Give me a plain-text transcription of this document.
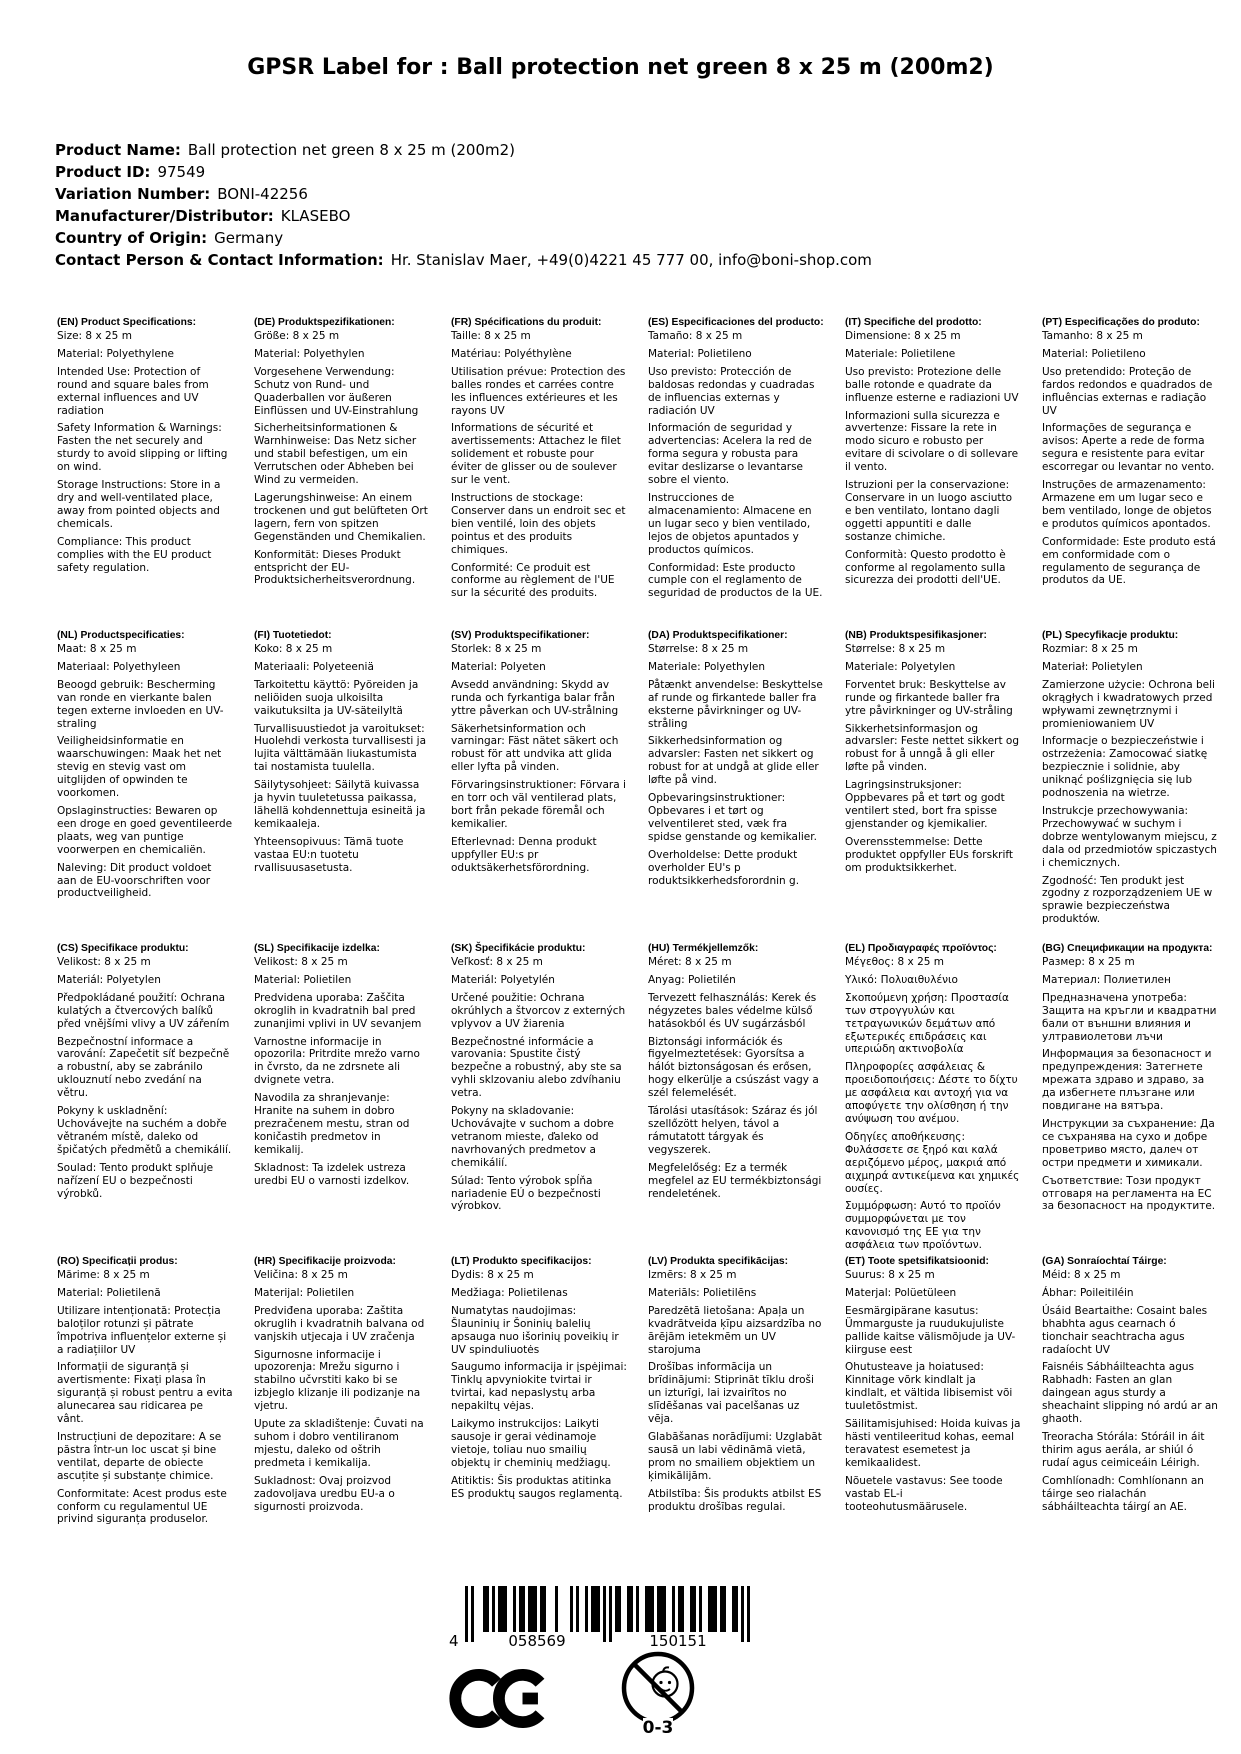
GPSR Label for : Ball protection net green 8 x 25 m (200m2)
Product Name: Ball protection net green 8 x 25 m (200m2)
Product ID: 97549
Variation Number: BONI-42256
Manufacturer/Distributor: KLASEBO
Country of Origin: Germany
Contact Person & Contact Information: Hr. Stanislav Maer, +49(0)4221 45 777 00, info@boni-shop.com
(EN) Product Specifications:

Size: 8 x 25 m

Material: Polyethylene

Intended Use: Protection of round and square bales from external influences and UV radiation

Safety Information & Warnings: Fasten the net securely and sturdy to avoid slipping or lifting on wind.

Storage Instructions: Store in a dry and well-ventilated place, away from pointed objects and chemicals.

Compliance: This product complies with the EU product safety regulation.

(DE) Produktspezifikationen:

Größe: 8 x 25 m

Material: Polyethylen

Vorgesehene Verwendung: Schutz von Rund- und Quaderballen vor äußeren Einflüssen und UV-Einstrahlung

Sicherheitsinformationen & Warnhinweise: Das Netz sicher und stabil befestigen, um ein Verrutschen oder Abheben bei Wind zu vermeiden.

Lagerungshinweise: An einem trockenen und gut belüfteten Ort lagern, fern von spitzen Gegenständen und Chemikalien.

Konformität: Dieses Produkt entspricht der EU-Produktsicherheitsverordnung.

(FR) Spécifications du produit:

Taille: 8 x 25 m

Matériau: Polyéthylène

Utilisation prévue: Protection des balles rondes et carrées contre les influences extérieures et les rayons UV

Informations de sécurité et avertissements: Attachez le filet solidement et robuste pour éviter de glisser ou de soulever sur le vent.

Instructions de stockage: Conserver dans un endroit sec et bien ventilé, loin des objets pointus et des produits chimiques.

Conformité: Ce produit est conforme au règlement de l'UE sur la sécurité des produits.

(ES) Especificaciones del producto:

Tamaño: 8 x 25 m

Material: Polietileno

Uso previsto: Protección de baldosas redondas y cuadradas de influencias externas y radiación UV

Información de seguridad y advertencias: Acelera la red de forma segura y robusta para evitar deslizarse o levantarse sobre el viento.

Instrucciones de almacenamiento: Almacene en un lugar seco y bien ventilado, lejos de objetos apuntados y productos químicos.

Conformidad: Este producto cumple con el reglamento de seguridad de productos de la UE.

(IT) Specifiche del prodotto:

Dimensione: 8 x 25 m

Materiale: Polietilene

Uso previsto: Protezione delle balle rotonde e quadrate da influenze esterne e radiazioni UV

Informazioni sulla sicurezza e avvertenze: Fissare la rete in modo sicuro e robusto per evitare di scivolare o di sollevare il vento.

Istruzioni per la conservazione: Conservare in un luogo asciutto e ben ventilato, lontano dagli oggetti appuntiti e dalle sostanze chimiche.

Conformità: Questo prodotto è conforme al regolamento sulla sicurezza dei prodotti dell'UE.

(PT) Especificações do produto:

Tamanho: 8 x 25 m

Material: Polietileno

Uso pretendido: Proteção de fardos redondos e quadrados de influências externas e radiação UV

Informações de segurança e avisos: Aperte a rede de forma segura e resistente para evitar escorregar ou levantar no vento.

Instruções de armazenamento: Armazene em um lugar seco e bem ventilado, longe de objetos e produtos químicos apontados.

Conformidade: Este produto está em conformidade com o regulamento de segurança de produtos da UE.

(NL) Productspecificaties:

Maat: 8 x 25 m

Materiaal: Polyethyleen

Beoogd gebruik: Bescherming van ronde en vierkante balen tegen externe invloeden en UV-straling

Veiligheidsinformatie en waarschuwingen: Maak het net stevig en stevig vast om uitglijden of opwinden te voorkomen.

Opslaginstructies: Bewaren op een droge en goed geventileerde plaats, weg van puntige voorwerpen en chemicaliën.

Naleving: Dit product voldoet aan de EU-voorschriften voor productveiligheid.

(FI) Tuotetiedot:

Koko: 8 x 25 m

Materiaali: Polyeteeniä

Tarkoitettu käyttö: Pyöreiden ja neliöiden suoja ulkoisilta vaikutuksilta ja UV-säteilyltä

Turvallisuustiedot ja varoitukset: Huolehdi verkosta turvallisesti ja lujita välttämään liukastumista tai nostamista tuulella.

Säilytysohjeet: Säilytä kuivassa ja hyvin tuuletetussa paikassa, lähellä kohdennettuja esineitä ja kemikaaleja.

Yhteensopivuus: Tämä tuote vastaa EU:n tuotetu rvallisuusasetusta.

(SV) Produktspecifikationer:

Storlek: 8 x 25 m

Material: Polyeten

Avsedd användning: Skydd av runda och fyrkantiga balar från yttre påverkan och UV-strålning

Säkerhetsinformation och varningar: Fäst nätet säkert och robust för att undvika att glida eller lyfta på vinden.

Förvaringsinstruktioner: Förvara i en torr och väl ventilerad plats, bort från pekade föremål och kemikalier.

Efterlevnad: Denna produkt uppfyller EU:s pr oduktsäkerhetsförordning.

(DA) Produktspecifikationer:

Størrelse: 8 x 25 m

Materiale: Polyethylen

Påtænkt anvendelse: Beskyttelse af runde og firkantede baller fra eksterne påvirkninger og UV-stråling

Sikkerhedsinformation og advarsler: Fasten net sikkert og robust for at undgå at glide eller løfte på vind.

Opbevaringsinstruktioner: Opbevares i et tørt og velventileret sted, væk fra spidse genstande og kemikalier.

Overholdelse: Dette produkt overholder EU's p roduktsikkerhedsforordnin g.

(NB) Produktspesifikasjoner:

Størrelse: 8 x 25 m

Materiale: Polyetylen

Forventet bruk: Beskyttelse av runde og firkantede baller fra ytre påvirkninger og UV-stråling

Sikkerhetsinformasjon og advarsler: Feste nettet sikkert og robust for å unngå å gli eller løfte på vinden.

Lagringsinstruksjoner: Oppbevares på et tørt og godt ventilert sted, bort fra spisse gjenstander og kjemikalier.

Overensstemmelse: Dette produktet oppfyller EUs forskrift om produktsikkerhet.

(PL) Specyfikacje produktu:

Rozmiar: 8 x 25 m

Materiał: Polietylen

Zamierzone użycie: Ochrona beli okrągłych i kwadratowych przed wpływami zewnętrznymi i promieniowaniem UV

Informacje o bezpieczeństwie i ostrzeżenia: Zamocować siatkę bezpiecznie i solidnie, aby uniknąć poślizgnięcia się lub podnoszenia na wietrze.

Instrukcje przechowywania: Przechowywać w suchym i dobrze wentylowanym miejscu, z dala od przedmiotów spiczastych i chemicznych.

Zgodność: Ten produkt jest zgodny z rozporządzeniem UE w sprawie bezpieczeństwa produktów.

(CS) Specifikace produktu:

Velikost: 8 x 25 m

Materiál: Polyetylen

Předpokládané použití: Ochrana kulatých a čtvercových balíků před vnějšími vlivy a UV zářením

Bezpečnostní informace a varování: Zapečetit síť bezpečně a robustní, aby se zabránilo uklouznutí nebo zvedání na větru.

Pokyny k uskladnění: Uchovávejte na suchém a dobře větraném místě, daleko od špičatých předmětů a chemikálií.

Soulad: Tento produkt splňuje nařízení EU o bezpečnosti výrobků.

(SL) Specifikacije izdelka:

Velikost: 8 x 25 m

Material: Polietilen

Predvidena uporaba: Zaščita okroglih in kvadratnih bal pred zunanjimi vplivi in UV sevanjem

Varnostne informacije in opozorila: Pritrdite mrežo varno in čvrsto, da ne zdrsnete ali dvignete vetra.

Navodila za shranjevanje: Hranite na suhem in dobro prezračenem mestu, stran od koničastih predmetov in kemikalij.

Skladnost: Ta izdelek ustreza uredbi EU o varnosti izdelkov.

(SK) Špecifikácie produktu:

Veľkosť: 8 x 25 m

Materiál: Polyetylén

Určené použitie: Ochrana okrúhlych a štvorcov z externých vplyvov a UV žiarenia

Bezpečnostné informácie a varovania: Spustite čistý bezpečne a robustný, aby ste sa vyhli sklzovaniu alebo zdvíhaniu vetra.

Pokyny na skladovanie: Uchovávajte v suchom a dobre vetranom mieste, ďaleko od navrhovaných predmetov a chemikálií.

Súlad: Tento výrobok spĺňa nariadenie EÚ o bezpečnosti výrobkov.

(HU) Termékjellemzők:

Méret: 8 x 25 m

Anyag: Polietilén

Tervezett felhasználás: Kerek és négyzetes bales védelme külső hatásokból és UV sugárzásból

Biztonsági információk és figyelmeztetések: Gyorsítsa a hálót biztonságosan és erősen, hogy elkerülje a csúszást vagy a szél felemelését.

Tárolási utasítások: Száraz és jól szellőzött helyen, távol a rámutatott tárgyak és vegyszerek.

Megfelelőség: Ez a termék megfelel az EU termékbiztonsági rendeletének.

(EL) Προδιαγραφές προϊόντος:

Μέγεθος: 8 x 25 m

Υλικό: Πολυαιθυλένιο

Σκοπούμενη χρήση: Προστασία των στρογγυλών και τετραγωνικών δεμάτων από εξωτερικές επιδράσεις και υπεριώδη ακτινοβολία

Πληροφορίες ασφάλειας & προειδοποιήσεις: Δέστε το δίχτυ με ασφάλεια και αντοχή για να αποφύγετε την ολίσθηση ή την ανύψωση του ανέμου.

Οδηγίες αποθήκευσης: Φυλάσσετε σε ξηρό και καλά αεριζόμενο μέρος, μακριά από αιχμηρά αντικείμενα και χημικές ουσίες.

Συμμόρφωση: Αυτό το προϊόν συμμορφώνεται με τον κανονισμό της ΕΕ για την ασφάλεια των προϊόντων.

(BG) Спецификации на продукта:

Размер: 8 x 25 m

Материал: Полиетилен

Предназначена употреба: Защита на кръгли и квадратни бали от външни влияния и ултравиолетови лъчи

Информация за безопасност и предупреждения: Затегнете мрежата здраво и здраво, за да избегнете плъзгане или повдигане на вятъра.

Инструкции за съхранение: Да се съхранява на сухо и добре проветриво място, далеч от остри предмети и химикали.

Съответствие: Този продукт отговаря на регламента на ЕС за безопасност на продуктите.

(RO) Specificații produs:

Mărime: 8 x 25 m

Material: Polietilenă

Utilizare intenționată: Protecția baloților rotunzi și pătrate împotriva influențelor externe și a radiațiilor UV

Informații de siguranță și avertismente: Fixați plasa în siguranță și robust pentru a evita alunecarea sau ridicarea pe vânt.

Instrucțiuni de depozitare: A se păstra într-un loc uscat și bine ventilat, departe de obiecte ascuțite și substanțe chimice.

Conformitate: Acest produs este conform cu regulamentul UE privind siguranța produselor.

(HR) Specifikacije proizvoda:

Veličina: 8 x 25 m

Materijal: Polietilen

Predviđena uporaba: Zaštita okruglih i kvadratnih balvana od vanjskih utjecaja i UV zračenja

Sigurnosne informacije i upozorenja: Mrežu sigurno i stabilno učvrstiti kako bi se izbjeglo klizanje ili podizanje na vjetru.

Upute za skladištenje: Čuvati na suhom i dobro ventiliranom mjestu, daleko od oštrih predmeta i kemikalija.

Sukladnost: Ovaj proizvod zadovoljava uredbu EU-a o sigurnosti proizvoda.

(LT) Produkto specifikacijos:

Dydis: 8 x 25 m

Medžiaga: Polietilenas

Numatytas naudojimas: Šlauninių ir Šoninių balelių apsauga nuo išorinių poveikių ir UV spinduliuotės

Saugumo informacija ir įspėjimai: Tinklų apvyniokite tvirtai ir tvirtai, kad nepaslystų arba nepakiltų vėjas.

Laikymo instrukcijos: Laikyti sausoje ir gerai vėdinamoje vietoje, toliau nuo smailių objektų ir cheminių medžiagų.

Atitiktis: Šis produktas atitinka ES produktų saugos reglamentą.

(LV) Produkta specifikācijas:

Izmērs: 8 x 25 m

Materiāls: Polietilēns

Paredzētā lietošana: Apaļa un kvadrātveida ķīpu aizsardzība no ārējām ietekmēm un UV starojuma

Drošības informācija un brīdinājumi: Stiprināt tīklu droši un izturīgi, lai izvairītos no slīdēšanas vai pacelšanas uz vēja.

Glabāšanas norādījumi: Uzglabāt sausā un labi vēdināmā vietā, prom no smailiem objektiem un ķimikālijām.

Atbilstība: Šis produkts atbilst ES produktu drošības regulai.

(ET) Toote spetsifikatsioonid:

Suurus: 8 x 25 m

Materjal: Polüetüleen

Eesmärgipärane kasutus: Ümmarguste ja ruudukujuliste pallide kaitse välismõjude ja UV-kiirguse eest

Ohutusteave ja hoiatused: Kinnitage võrk kindlalt ja kindlalt, et vältida libisemist või tuuletõstmist.

Säilitamisjuhised: Hoida kuivas ja hästi ventileeritud kohas, eemal teravatest esemetest ja kemikaalidest.

Nõuetele vastavus: See toode vastab EL-i tooteohutusmäärusele.

(GA) Sonraíochtaí Táirge:

Méid: 8 x 25 m

Ábhar: Poileitiléin

Úsáid Beartaithe: Cosaint bales bhabhta agus cearnach ó tionchair seachtracha agus radaíocht UV

Faisnéis Sábháilteachta agus Rabhadh: Fasten an glan daingean agus sturdy a sheachaint slipping nó ardú ar an ghaoth.

Treoracha Stórála: Stóráil in áit thirim agus aerála, ar shiúl ó rudaí agus ceimiceáin Léirigh.

Comhlíonadh: Comhlíonann an táirge seo rialachán sábháilteachta táirgí an AE.

4	058569	150151
0-3
